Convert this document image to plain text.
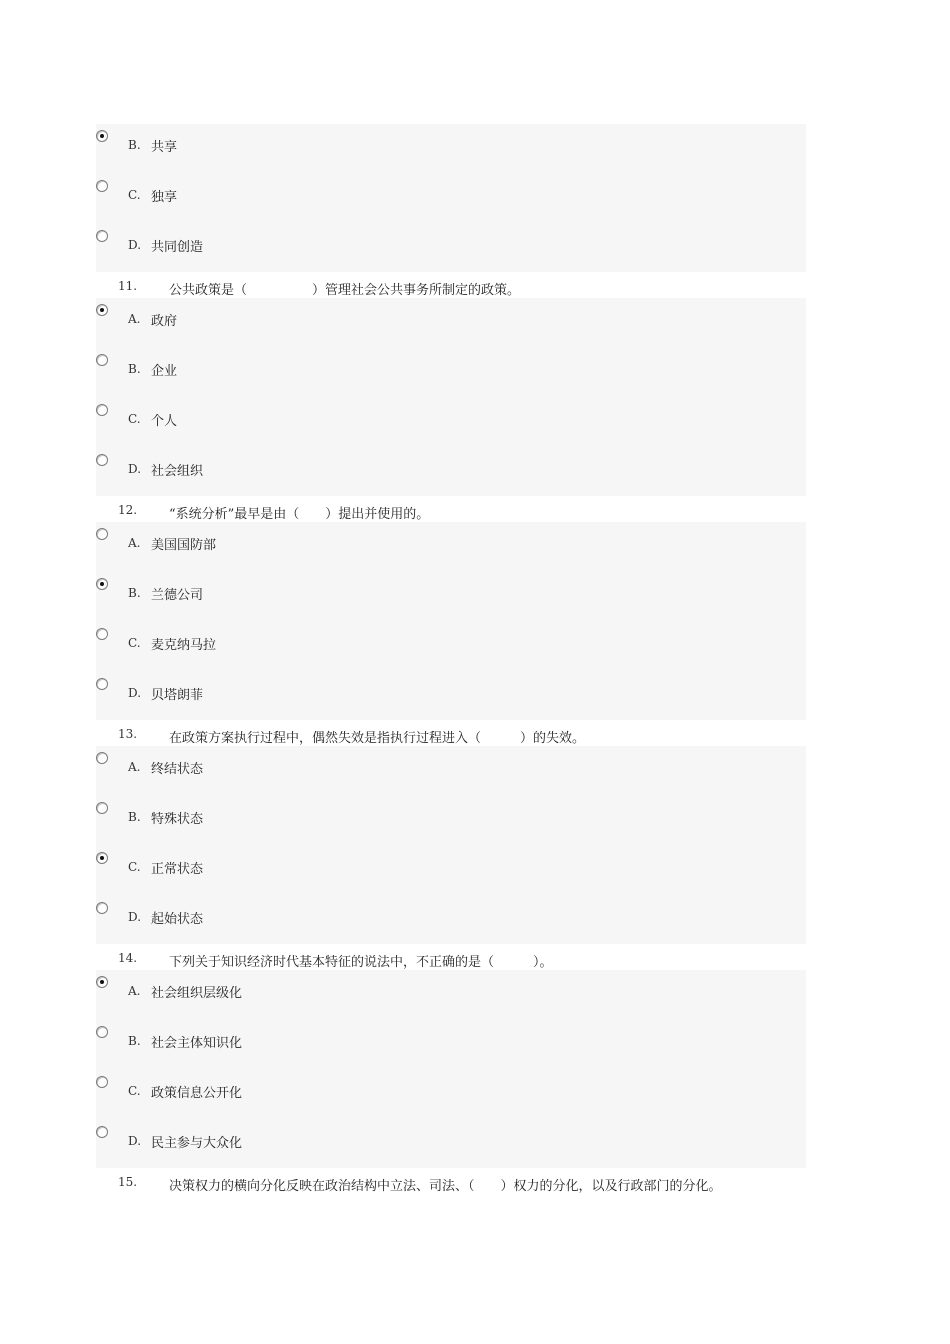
B. 共享
C. 独享
D. 共同创造
11. 公共政策是（　　　　　）管理社会公共事务所制定的政策。
A. 政府
B. 企业
C. 个人
D. 社会组织
12. “系统分析”最早是由（　　）提出并使用的。
A. 美国国防部
B. 兰德公司
C. 麦克纳马拉
D. 贝塔朗菲
13. 在政策方案执行过程中，偶然失效是指执行过程进入（　　　）的失效。
A. 终结状态
B. 特殊状态
C. 正常状态
D. 起始状态
14. 下列关于知识经济时代基本特征的说法中，不正确的是（　　　）。
A. 社会组织层级化
B. 社会主体知识化
C. 政策信息公开化
D. 民主参与大众化
15. 决策权力的横向分化反映在政治结构中立法、司法、（　　）权力的分化，以及行政部门的分化。
